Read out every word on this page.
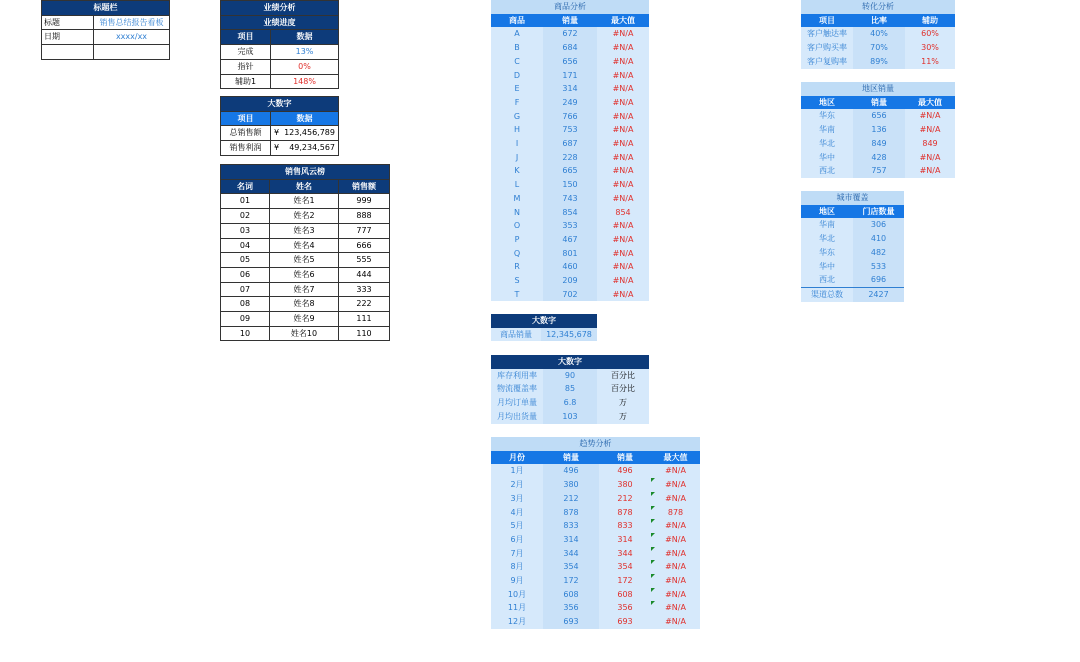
标题栏	
标题	销售总结报告看板
日期	xxxx/xx

业绩分析	
业绩进度	
项目	数据
完成	13%
指针	0%
辅助1	148%
大数字	
项目	数据
总销售额	¥ 123,456,789
销售利润	¥ 49,234,567
销售风云榜		
名词	姓名	销售额
01	姓名1	999
02	姓名2	888
03	姓名3	777
04	姓名4	666
05	姓名5	555
06	姓名6	444
07	姓名7	333
08	姓名8	222
09	姓名9	111
10	姓名10	110
商品分析		
商品	销量	最大值
A	672	#N/A
B	684	#N/A
C	656	#N/A
D	171	#N/A
E	314	#N/A
F	249	#N/A
G	766	#N/A
H	753	#N/A
I	687	#N/A
J	228	#N/A
K	665	#N/A
L	150	#N/A
M	743	#N/A
N	854	854
O	353	#N/A
P	467	#N/A
Q	801	#N/A
R	460	#N/A
S	209	#N/A
T	702	#N/A
大数字
商品销量	12,345,678
大数字		
库存利用率	90	百分比
物流覆盖率	85	百分比
月均订单量	6.8	万
月均出货量	103	万
趋势分析			
月份	销量	销量	最大值
1月	496	496	#N/A
2月	380	380	#N/A
3月	212	212	#N/A
4月	878	878	878
5月	833	833	#N/A
6月	314	314	#N/A
7月	344	344	#N/A
8月	354	354	#N/A
9月	172	172	#N/A
10月	608	608	#N/A
11月	356	356	#N/A
12月	693	693	#N/A
转化分析		
项目	比率	辅助
客户触达率	40%	60%
客户购买率	70%	30%
客户复购率	89%	11%
地区销量		
地区	销量	最大值
华东	656	#N/A
华南	136	#N/A
华北	849	849
华中	428	#N/A
西北	757	#N/A
城市覆盖	
地区	门店数量
华南	306
华北	410
华东	482
华中	533
西北	696
渠道总数	2427
